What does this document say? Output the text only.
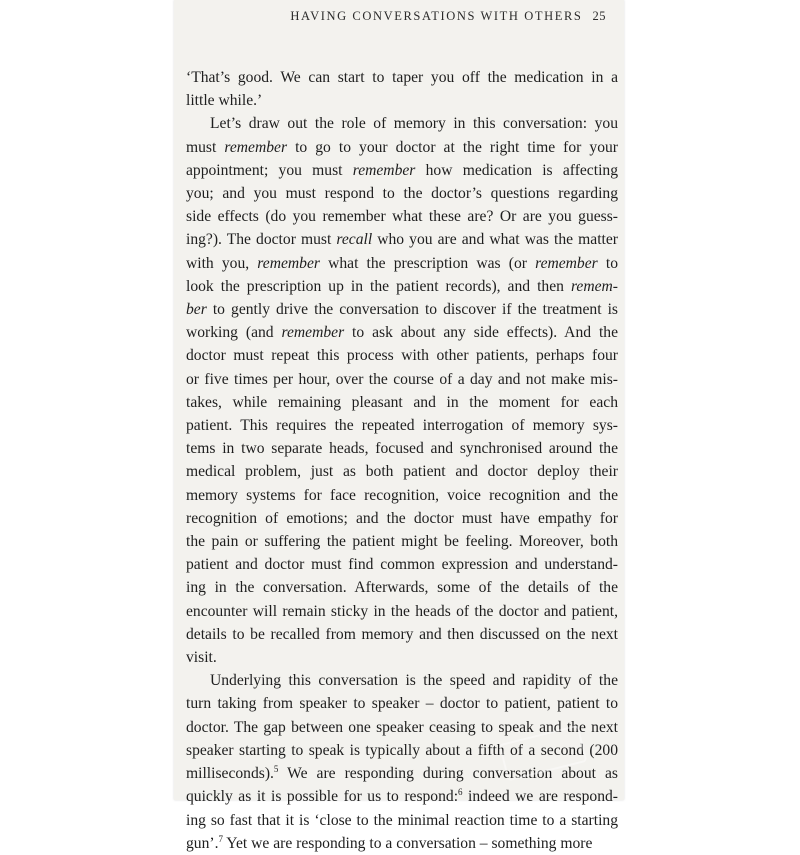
HAVING CONVERSATIONS WITH OTHERS 25
‘That’s good. We can start to taper you off the medication in a
little while.’
Let’s draw out the role of memory in this conversation: you
must remember to go to your doctor at the right time for your
appointment; you must remember how medication is affecting
you; and you must respond to the doctor’s questions regarding
side effects (do you remember what these are? Or are you guess-
ing?). The doctor must recall who you are and what was the matter
with you, remember what the prescription was (or remember to
look the prescription up in the patient records), and then remem-
ber to gently drive the conversation to discover if the treatment is
working (and remember to ask about any side effects). And the
doctor must repeat this process with other patients, perhaps four
or five times per hour, over the course of a day and not make mis-
takes, while remaining pleasant and in the moment for each
patient. This requires the repeated interrogation of memory sys-
tems in two separate heads, focused and synchronised around the
medical problem, just as both patient and doctor deploy their
memory systems for face recognition, voice recognition and the
recognition of emotions; and the doctor must have empathy for
the pain or suffering the patient might be feeling. Moreover, both
patient and doctor must find common expression and understand-
ing in the conversation. Afterwards, some of the details of the
encounter will remain sticky in the heads of the doctor and patient,
details to be recalled from memory and then discussed on the next
visit.
Underlying this conversation is the speed and rapidity of the
turn taking from speaker to speaker – doctor to patient, patient to
doctor. The gap between one speaker ceasing to speak and the next
speaker starting to speak is typically about a fifth of a second (200
milliseconds).$^5$ We are responding during conversation about as
quickly as it is possible for us to respond:$^6$ indeed we are respond-
ing so fast that it is ‘close to the minimal reaction time to a starting
gun’.$^7$ Yet we are responding to a conversation – something more
